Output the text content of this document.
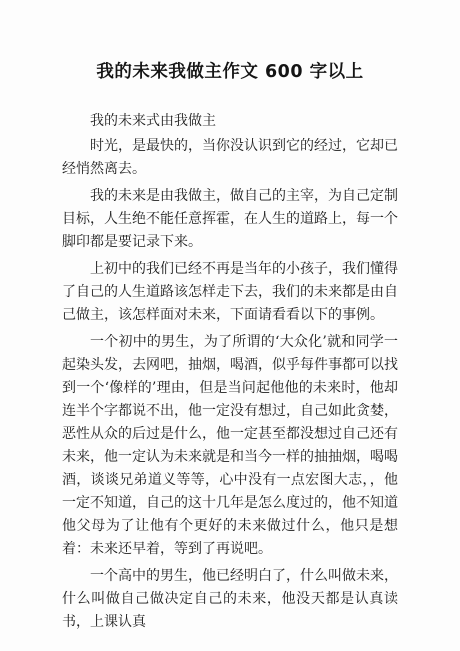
我的未来我做主作文 600 字以上

我的未来式由我做主

时光，是最快的，当你没认识到它的经过，它却已经悄然离去。

我的未来是由我做主，做自己的主宰，为自己定制目标，人生绝不能任意挥霍，在人生的道路上，每一个脚印都是要记录下来。

上初中的我们已经不再是当年的小孩子，我们懂得了自己的人生道路该怎样走下去，我们的未来都是由自己做主，该怎样面对未来，下面请看看以下的事例。

一个初中的男生，为了所谓的‘大众化’就和同学一起染头发，去网吧，抽烟，喝酒，似乎每件事都可以找到一个‘像样的’理由，但是当问起他他的未来时，他却连半个字都说不出，他一定没有想过，自己如此贪婪，恶性从众的后过是什么，他一定甚至都没想过自己还有未来，他一定认为未来就是和当今一样的抽抽烟，喝喝酒，谈谈兄弟道义等等，心中没有一点宏图大志，，他一定不知道，自己的这十几年是怎么度过的，他不知道他父母为了让他有个更好的未来做过什么，他只是想着：未来还早着，等到了再说吧。

一个高中的男生，他已经明白了，什么叫做未来，什么叫做自己做决定自己的未来，他没天都是认真读书，上课认真
